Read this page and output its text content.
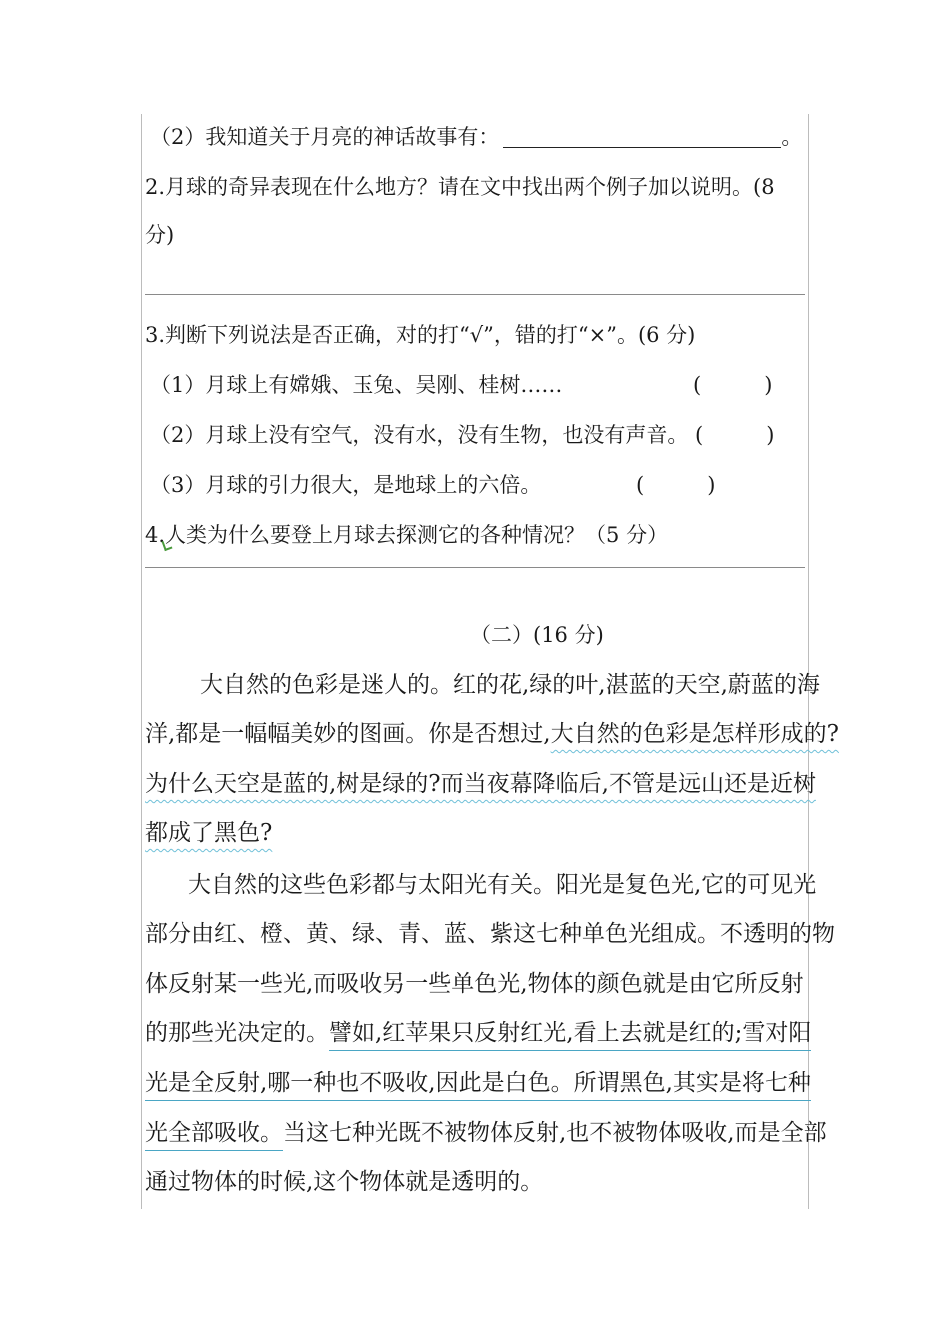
（2）我知道关于月亮的神话故事有：	。
2.月球的奇异表现在什么地方？请在文中找出两个例子加以说明。(8
分)
3.判断下列说法是否正确，对的打“√”，错的打“×”。(6 分)
（1）月球上有嫦娥、玉兔、吴刚、桂树……	(　　　)
（2）月球上没有空气，没有水，没有生物，也没有声音。 (　　　)
（3）月球的引力很大，是地球上的六倍。	(　　　)
4.人类为什么要登上月球去探测它的各种情况？（5 分）
（二）(16 分)
大自然的色彩是迷人的。红的花,绿的叶,湛蓝的天空,蔚蓝的海
洋,都是一幅幅美妙的图画。你是否想过,大自然的色彩是怎样形成的?
为什么天空是蓝的,树是绿的?而当夜幕降临后,不管是远山还是近树
都成了黑色?
大自然的这些色彩都与太阳光有关。阳光是复色光,它的可见光
部分由红、橙、黄、绿、青、蓝、紫这七种单色光组成。不透明的物
体反射某一些光,而吸收另一些单色光,物体的颜色就是由它所反射
的那些光决定的。譬如,红苹果只反射红光,看上去就是红的;雪对阳
光是全反射,哪一种也不吸收,因此是白色。所谓黑色,其实是将七种
光全部吸收。当这七种光既不被物体反射,也不被物体吸收,而是全部
通过物体的时候,这个物体就是透明的。
